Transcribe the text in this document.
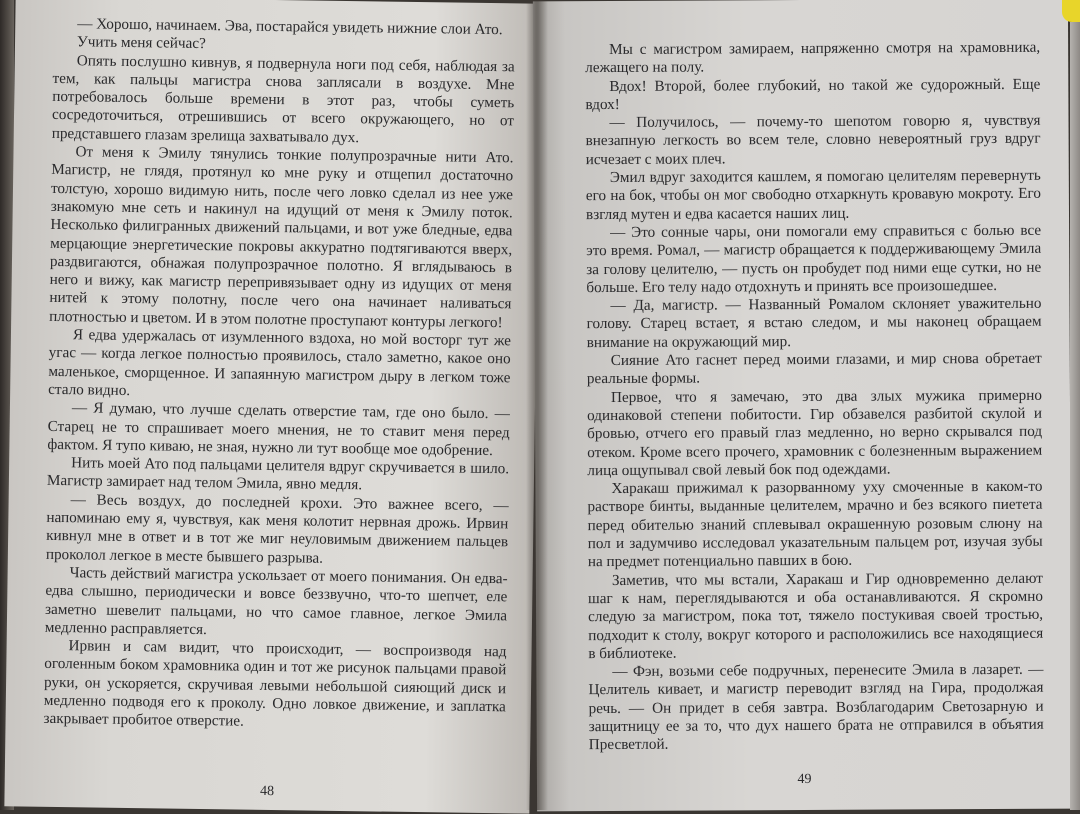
— Хорошо, начинаем. Эва, постарайся увидеть нижние слои Ато.

Учить меня сейчас?

Опять послушно кивнув, я подвернула ноги под себя, наблюдая за тем, как пальцы магистра снова заплясали в воздухе. Мне потребовалось больше времени в этот раз, чтобы суметь сосредоточиться, отрешившись от всего окружающего, но от представшего глазам зрелища захватывало дух.

От меня к Эмилу тянулись тонкие полупрозрачные нити Ато. Магистр, не глядя, протянул ко мне руку и отщепил достаточно толстую, хорошо видимую нить, после чего ловко сделал из нее уже знакомую мне сеть и накинул на идущий от меня к Эмилу поток. Несколько филигранных движений пальцами, и вот уже бледные, едва мерцающие энергетические покровы аккуратно подтягиваются вверх, раздвигаются, обнажая полупрозрачное полотно. Я вглядываюсь в него и вижу, как магистр перепривязывает одну из идущих от меня нитей к этому полотну, после чего она начинает наливаться плотностью и цветом. И в этом полотне проступают контуры легкого!

Я едва удержалась от изумленного вздоха, но мой восторг тут же угас — когда легкое полностью проявилось, стало заметно, какое оно маленькое, сморщенное. И запаянную магистром дыру в легком тоже стало видно.

— Я думаю, что лучше сделать отверстие там, где оно было. — Старец не то спрашивает моего мнения, не то ставит меня перед фактом. Я тупо киваю, не зная, нужно ли тут вообще мое одобрение.

Нить моей Ато под пальцами целителя вдруг скручивается в шило. Магистр замирает над телом Эмила, явно медля.

— Весь воздух, до последней крохи. Это важнее всего, — напоминаю ему я, чувствуя, как меня колотит нервная дрожь. Ирвин кивнул мне в ответ и в тот же миг неуловимым движением пальцев проколол легкое в месте бывшего разрыва.

Часть действий магистра ускользает от моего понимания. Он едва-едва слышно, периодически и вовсе беззвучно, что-то шепчет, еле заметно шевелит пальцами, но что самое главное, легкое Эмила медленно расправляется.

Ирвин и сам видит, что происходит, — воспроизводя над оголенным боком храмовника один и тот же рисунок пальцами правой руки, он ускоряется, скручивая левыми небольшой сияющий диск и медленно подводя его к проколу. Одно ловкое движение, и заплатка закрывает пробитое отверстие.

48

Мы с магистром замираем, напряженно смотря на храмовника, лежащего на полу.

Вдох! Второй, более глубокий, но такой же судорожный. Еще вдох!

— Получилось, — почему-то шепотом говорю я, чувствуя внезапную легкость во всем теле, словно невероятный груз вдруг исчезает с моих плеч.

Эмил вдруг заходится кашлем, я помогаю целителям перевернуть его на бок, чтобы он мог свободно отхаркнуть кровавую мокроту. Его взгляд мутен и едва касается наших лиц.

— Это сонные чары, они помогали ему справиться с болью все это время. Ромал, — магистр обращается к поддерживающему Эмила за голову целителю, — пусть он пробудет под ними еще сутки, но не больше. Его телу надо отдохнуть и принять все произошедшее.

— Да, магистр. — Названный Ромалом склоняет уважительно голову. Старец встает, я встаю следом, и мы наконец обращаем внимание на окружающий мир.

Сияние Ато гаснет перед моими глазами, и мир снова обретает реальные формы.

Первое, что я замечаю, это два злых мужика примерно одинаковой степени побитости. Гир обзавелся разбитой скулой и бровью, отчего его правый глаз медленно, но верно скрывался под отеком. Кроме всего прочего, храмовник с болезненным выражением лица ощупывал свой левый бок под одеждами.

Харакаш прижимал к разорванному уху смоченные в каком-то растворе бинты, выданные целителем, мрачно и без всякого пиетета перед обителью знаний сплевывал окрашенную розовым слюну на пол и задумчиво исследовал указательным пальцем рот, изучая зубы на предмет потенциально павших в бою.

Заметив, что мы встали, Харакаш и Гир одновременно делают шаг к нам, переглядываются и оба останавливаются. Я скромно следую за магистром, пока тот, тяжело постукивая своей тростью, подходит к столу, вокруг которого и расположились все находящиеся в библиотеке.

— Фэн, возьми себе подручных, перенесите Эмила в лазарет. — Целитель кивает, и магистр переводит взгляд на Гира, продолжая речь. — Он придет в себя завтра. Возблагодарим Светозарную и защитницу ее за то, что дух нашего брата не отправился в объятия Пресветлой.

49
